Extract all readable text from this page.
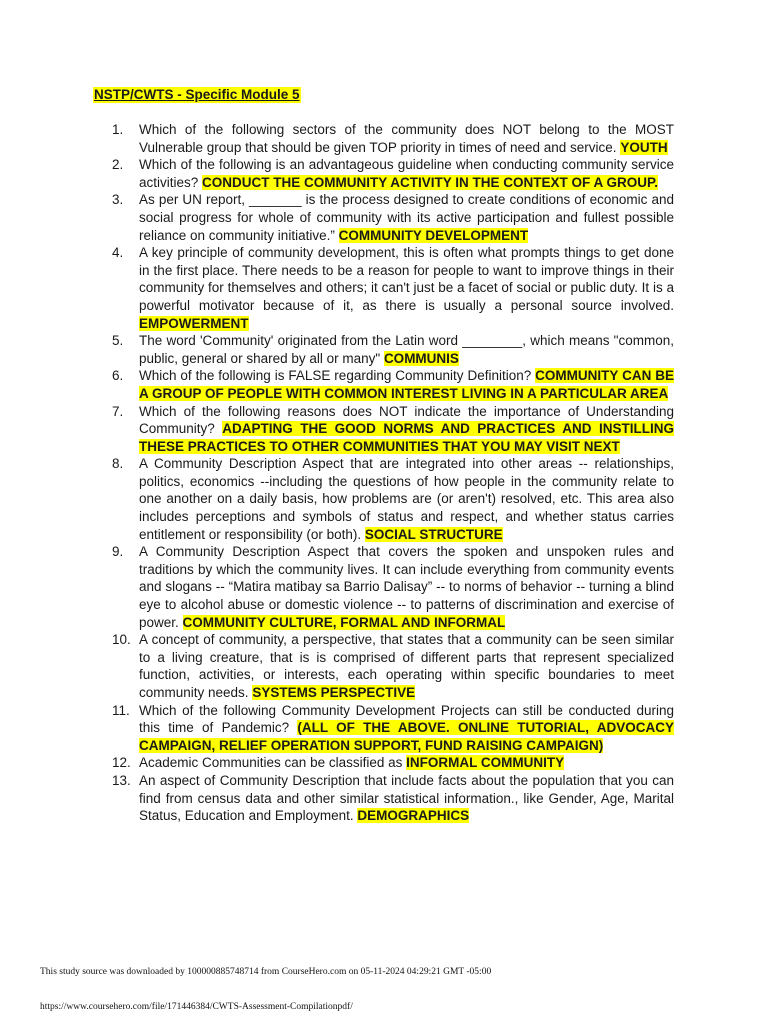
NSTP/CWTS - Specific Module 5
1.	Which of the following sectors of the community does NOT belong to the MOST Vulnerable group that should be given TOP priority in times of need and service. YOUTH
2.	Which of the following is an advantageous guideline when conducting community service activities? CONDUCT THE COMMUNITY ACTIVITY IN THE CONTEXT OF A GROUP.
3.	As per UN report, _______ is the process designed to create conditions of economic and social progress for whole of community with its active participation and fullest possible reliance on community initiative.” COMMUNITY DEVELOPMENT
4.	A key principle of community development, this is often what prompts things to get done in the first place. There needs to be a reason for people to want to improve things in their community for themselves and others; it can't just be a facet of social or public duty. It is a powerful motivator because of it, as there is usually a personal source involved. EMPOWERMENT
5.	The word 'Community' originated from the Latin word ________, which means "common, public, general or shared by all or many" COMMUNIS
6.	Which of the following is FALSE regarding Community Definition? COMMUNITY CAN BE A GROUP OF PEOPLE WITH COMMON INTEREST LIVING IN A PARTICULAR AREA
7.	Which of the following reasons does NOT indicate the importance of Understanding Community? ADAPTING THE GOOD NORMS AND PRACTICES AND INSTILLING THESE PRACTICES TO OTHER COMMUNITIES THAT YOU MAY VISIT NEXT
8.	A Community Description Aspect that are integrated into other areas -- relationships, politics, economics --including the questions of how people in the community relate to one another on a daily basis, how problems are (or aren't) resolved, etc. This area also includes perceptions and symbols of status and respect, and whether status carries entitlement or responsibility (or both). SOCIAL STRUCTURE
9.	A Community Description Aspect that covers the spoken and unspoken rules and traditions by which the community lives. It can include everything from community events and slogans -- “Matira matibay sa Barrio Dalisay” -- to norms of behavior -- turning a blind eye to alcohol abuse or domestic violence -- to patterns of discrimination and exercise of power. COMMUNITY CULTURE, FORMAL AND INFORMAL
10. A concept of community, a perspective, that states that a community can be seen similar to a living creature, that is is comprised of different parts that represent specialized function, activities, or interests, each operating within specific boundaries to meet community needs. SYSTEMS PERSPECTIVE
11. Which of the following Community Development Projects can still be conducted during this time of Pandemic? (ALL OF THE ABOVE. ONLINE TUTORIAL, ADVOCACY CAMPAIGN, RELIEF OPERATION SUPPORT, FUND RAISING CAMPAIGN)
12. Academic Communities can be classified as INFORMAL COMMUNITY
13. An aspect of Community Description that include facts about the population that you can find from census data and other similar statistical information., like Gender, Age, Marital Status, Education and Employment. DEMOGRAPHICS
This study source was downloaded by 100000885748714 from CourseHero.com on 05-11-2024 04:29:21 GMT -05:00
https://www.coursehero.com/file/171446384/CWTS-Assessment-Compilationpdf/
